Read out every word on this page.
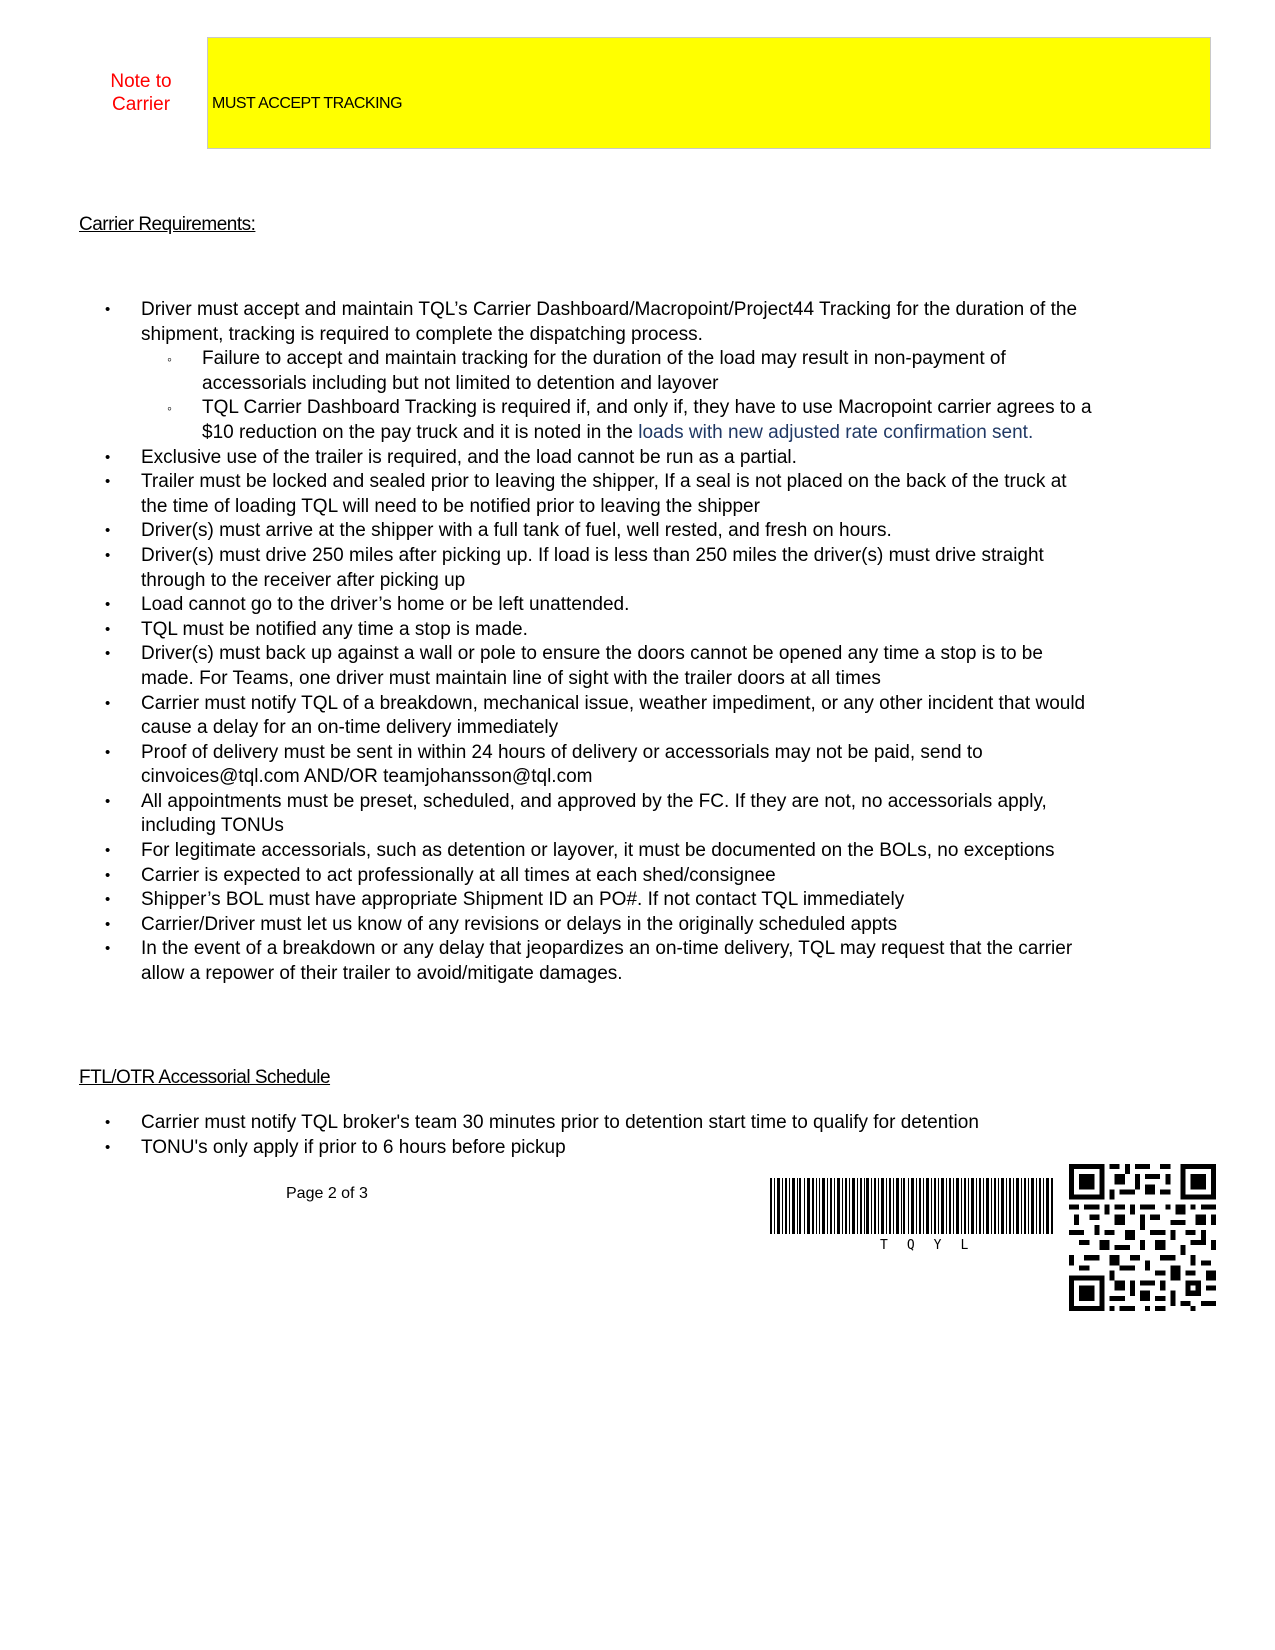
Note to
Carrier	MUST ACCEPT TRACKING
Carrier Requirements:
• Driver must accept and maintain TQL’s Carrier Dashboard/Macropoint/Project44 Tracking for the duration of the shipment, tracking is required to complete the dispatching process.
◦ Failure to accept and maintain tracking for the duration of the load may result in non-payment of accessorials including but not limited to detention and layover
◦ TQL Carrier Dashboard Tracking is required if, and only if, they have to use Macropoint carrier agrees to a $10 reduction on the pay truck and it is noted in the loads with new adjusted rate confirmation sent.
• Exclusive use of the trailer is required, and the load cannot be run as a partial.
• Trailer must be locked and sealed prior to leaving the shipper, If a seal is not placed on the back of the truck at the time of loading TQL will need to be notified prior to leaving the shipper
• Driver(s) must arrive at the shipper with a full tank of fuel, well rested, and fresh on hours.
• Driver(s) must drive 250 miles after picking up. If load is less than 250 miles the driver(s) must drive straight through to the receiver after picking up
• Load cannot go to the driver’s home or be left unattended.
• TQL must be notified any time a stop is made.
• Driver(s) must back up against a wall or pole to ensure the doors cannot be opened any time a stop is to be made. For Teams, one driver must maintain line of sight with the trailer doors at all times
• Carrier must notify TQL of a breakdown, mechanical issue, weather impediment, or any other incident that would cause a delay for an on-time delivery immediately
• Proof of delivery must be sent in within 24 hours of delivery or accessorials may not be paid, send to cinvoices@tql.com AND/OR teamjohansson@tql.com
• All appointments must be preset, scheduled, and approved by the FC. If they are not, no accessorials apply, including TONUs
• For legitimate accessorials, such as detention or layover, it must be documented on the BOLs, no exceptions
• Carrier is expected to act professionally at all times at each shed/consignee
• Shipper’s BOL must have appropriate Shipment ID an PO#. If not contact TQL immediately
• Carrier/Driver must let us know of any revisions or delays in the originally scheduled appts
• In the event of a breakdown or any delay that jeopardizes an on-time delivery, TQL may request that the carrier allow a repower of their trailer to avoid/mitigate damages.
FTL/OTR Accessorial Schedule
• Carrier must notify TQL broker's team 30 minutes prior to detention start time to qualify for detention
• TONU's only apply if prior to 6 hours before pickup
Page 2 of 3
TQYL
